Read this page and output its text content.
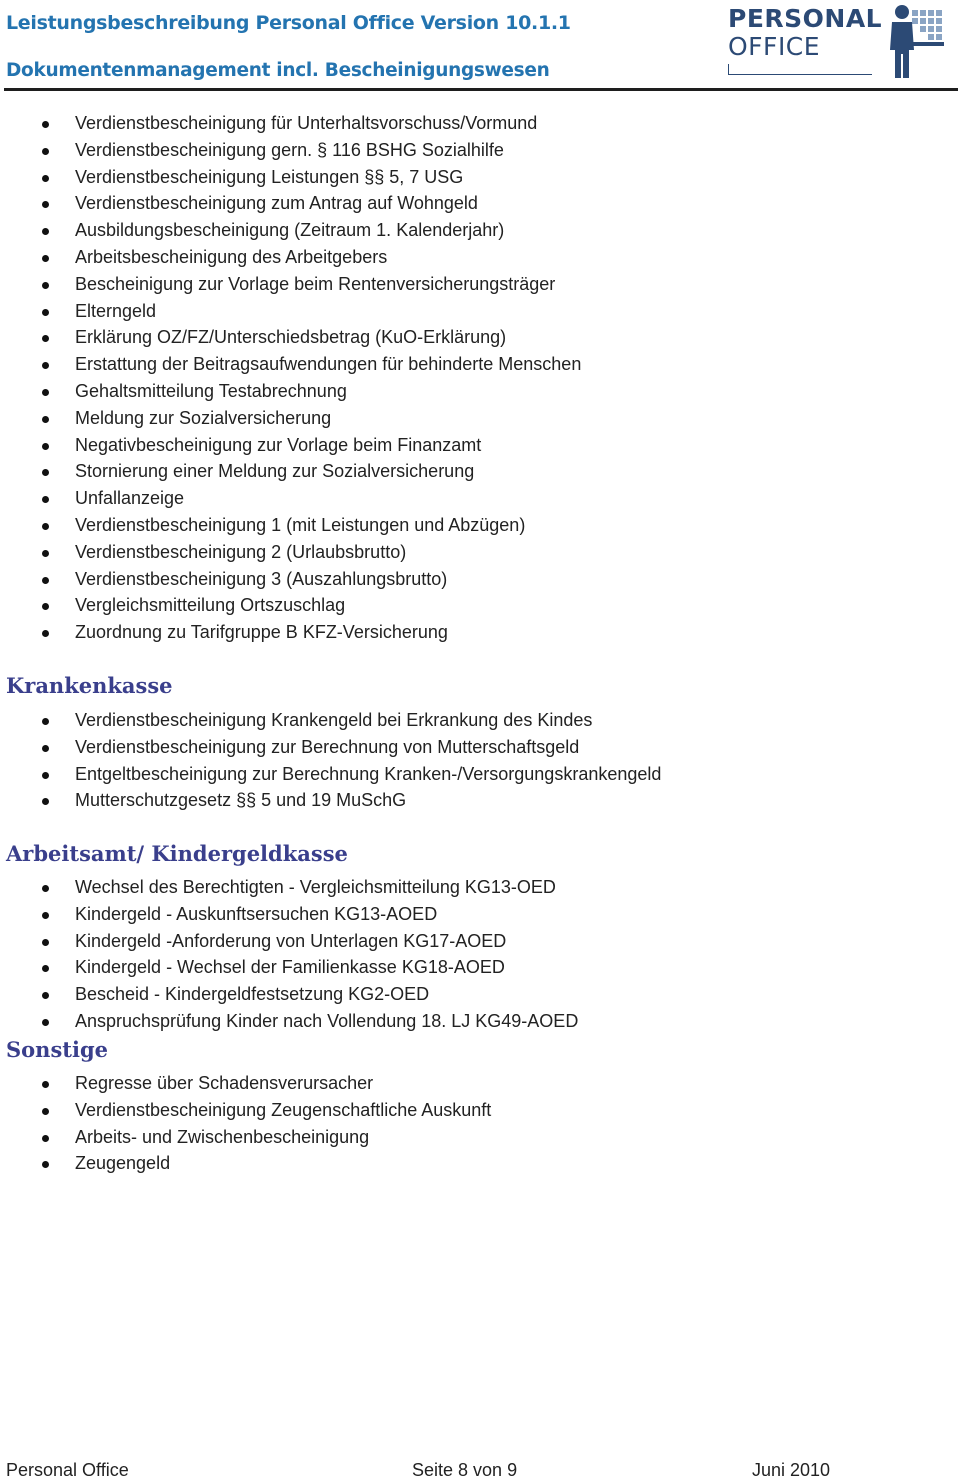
Leistungsbeschreibung Personal Office Version 10.1.1
Dokumentenmanagement incl. Bescheinigungswesen
PERSONAL
OFFICE
Verdienstbescheinigung für Unterhaltsvorschuss/Vormund
Verdienstbescheinigung gern. § 116 BSHG Sozialhilfe
Verdienstbescheinigung Leistungen §§ 5, 7 USG
Verdienstbescheinigung zum Antrag auf Wohngeld
Ausbildungsbescheinigung (Zeitraum 1. Kalenderjahr)
Arbeitsbescheinigung des Arbeitgebers
Bescheinigung zur Vorlage beim Rentenversicherungsträger
Elterngeld
Erklärung OZ/FZ/Unterschiedsbetrag (KuO-Erklärung)
Erstattung der Beitragsaufwendungen für behinderte Menschen
Gehaltsmitteilung Testabrechnung
Meldung zur Sozialversicherung
Negativbescheinigung zur Vorlage beim Finanzamt
Stornierung einer Meldung zur Sozialversicherung
Unfallanzeige
Verdienstbescheinigung 1 (mit Leistungen und Abzügen)
Verdienstbescheinigung 2 (Urlaubsbrutto)
Verdienstbescheinigung 3 (Auszahlungsbrutto)
Vergleichsmitteilung Ortszuschlag
Zuordnung zu Tarifgruppe B KFZ-Versicherung
Krankenkasse
Verdienstbescheinigung Krankengeld bei Erkrankung des Kindes
Verdienstbescheinigung zur Berechnung von Mutterschaftsgeld
Entgeltbescheinigung zur Berechnung Kranken-/Versorgungskrankengeld
Mutterschutzgesetz §§ 5 und 19 MuSchG
Arbeitsamt/ Kindergeldkasse
Wechsel des Berechtigten - Vergleichsmitteilung KG13-OED
Kindergeld - Auskunftsersuchen KG13-AOED
Kindergeld -Anforderung von Unterlagen KG17-AOED
Kindergeld - Wechsel der Familienkasse KG18-AOED
Bescheid - Kindergeldfestsetzung KG2-OED
Anspruchsprüfung Kinder nach Vollendung 18. LJ KG49-AOED
Sonstige
Regresse über Schadensverursacher
Verdienstbescheinigung Zeugenschaftliche Auskunft
Arbeits- und Zwischenbescheinigung
Zeugengeld
Personal Office	Seite 8 von 9	Juni 2010
